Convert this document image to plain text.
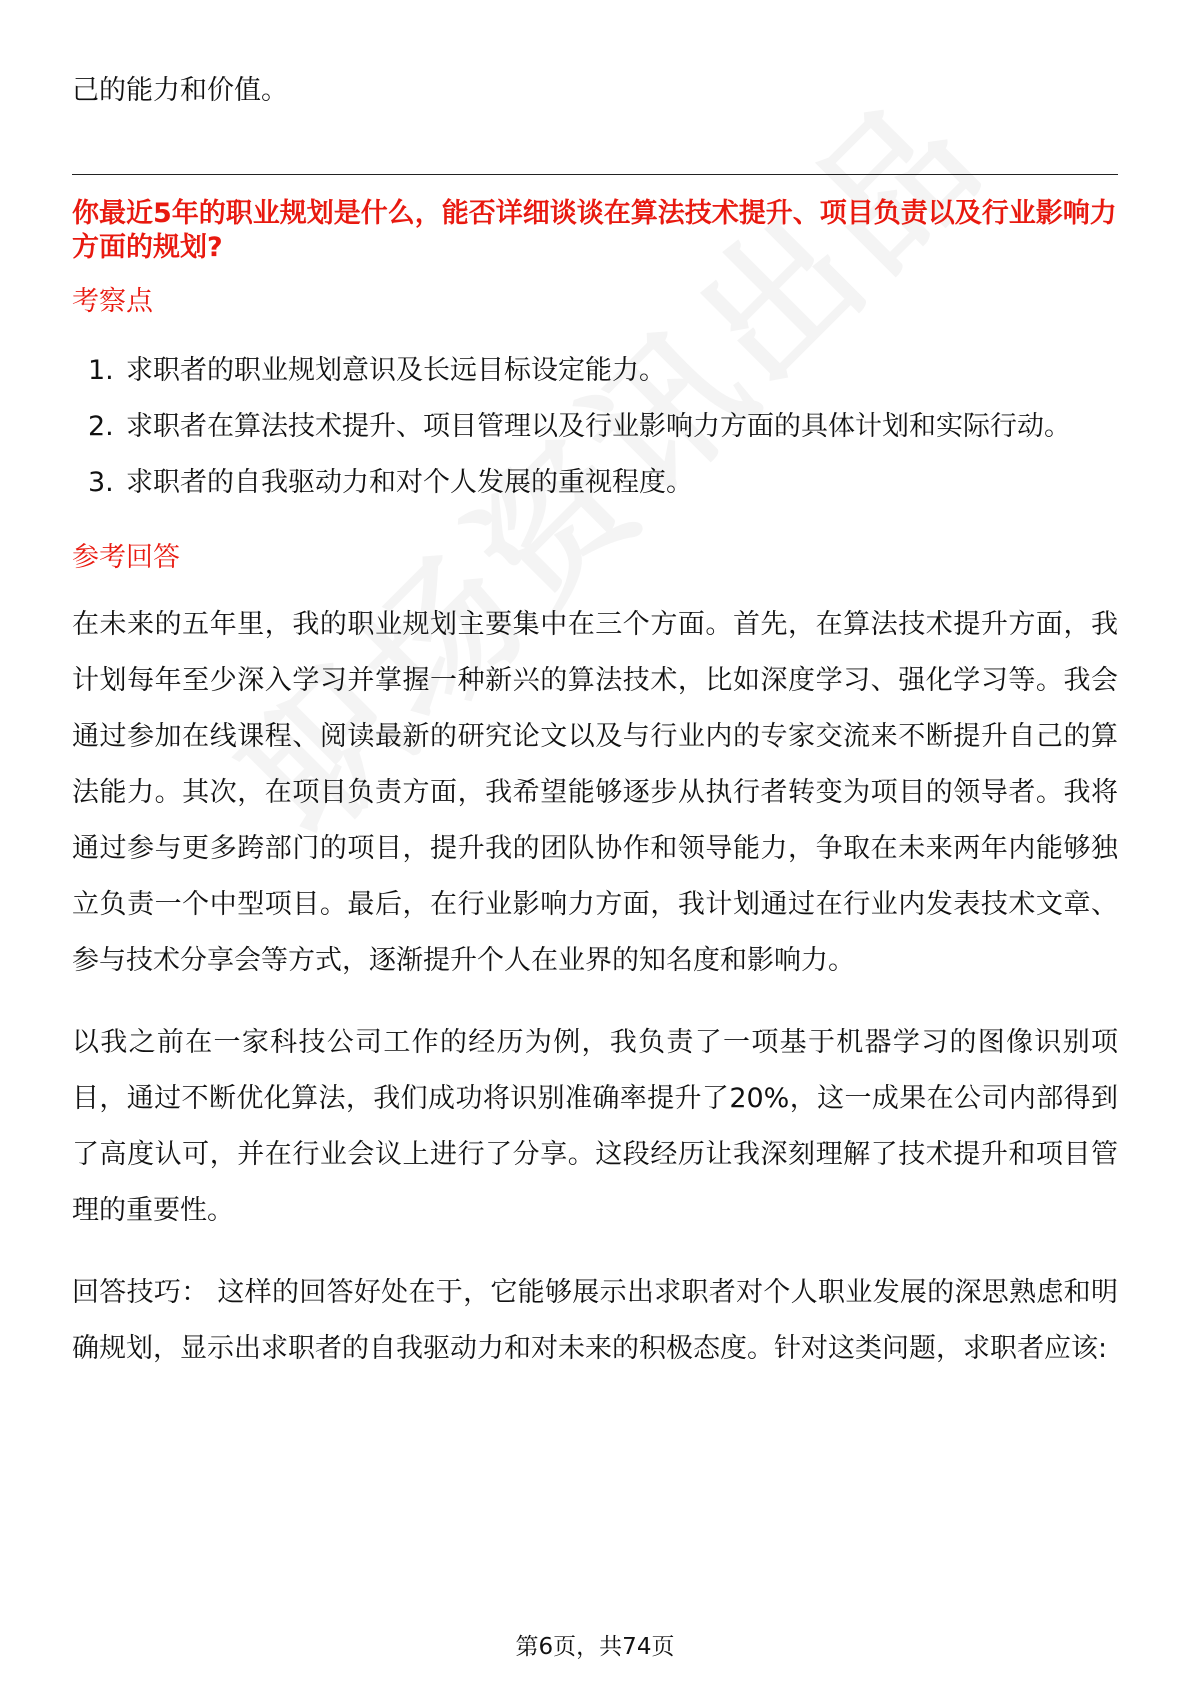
己的能力和价值。

你最近5年的职业规划是什么，能否详细谈谈在算法技术提升、项目负责以及行业影响力方面的规划?
考察点
1. 求职者的职业规划意识及长远目标设定能力。
2. 求职者在算法技术提升、项目管理以及行业影响力方面的具体计划和实际行动。
3. 求职者的自我驱动力和对个人发展的重视程度。
参考回答

在未来的五年里，我的职业规划主要集中在三个方面。首先，在算法技术提升方面，我计划每年至少深入学习并掌握一种新兴的算法技术，比如深度学习、强化学习等。我会通过参加在线课程、阅读最新的研究论文以及与行业内的专家交流来不断提升自己的算法能力。其次，在项目负责方面，我希望能够逐步从执行者转变为项目的领导者。我将通过参与更多跨部门的项目，提升我的团队协作和领导能力，争取在未来两年内能够独立负责一个中型项目。最后，在行业影响力方面，我计划通过在行业内发表技术文章、参与技术分享会等方式，逐渐提升个人在业界的知名度和影响力。

以我之前在一家科技公司工作的经历为例，我负责了一项基于机器学习的图像识别项目，通过不断优化算法，我们成功将识别准确率提升了20%，这一成果在公司内部得到了高度认可，并在行业会议上进行了分享。这段经历让我深刻理解了技术提升和项目管理的重要性。

回答技巧： 这样的回答好处在于，它能够展示出求职者对个人职业发展的深思熟虑和明确规划，显示出求职者的自我驱动力和对未来的积极态度。针对这类问题，求职者应该:

第6页，共74页
